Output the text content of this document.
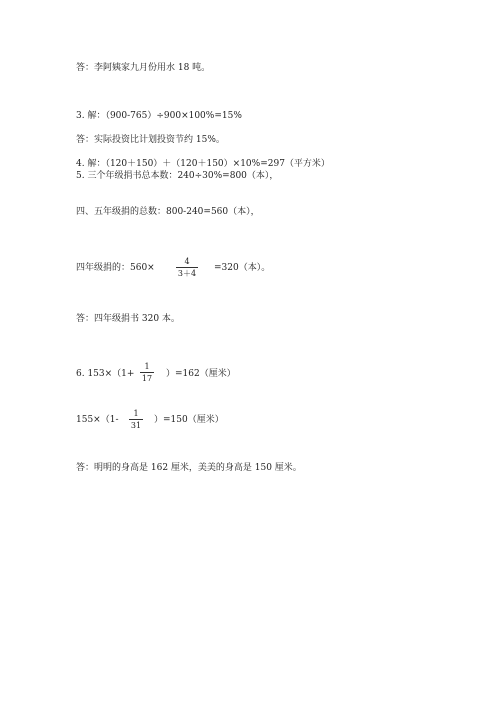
答：李阿姨家九月份用水 18 吨。
3. 解：（900-765）÷900×100%=15%
答：实际投资比计划投资节约 15%。
4. 解：（120＋150）＋（120＋150）×10%=297（平方米）
5. 三个年级捐书总本数：240÷30%=800（本），
四、五年级捐的总数：800-240=560（本），
四年级捐的：560×
4
3＋4
=320（本）。
答：四年级捐书 320 本。
6. 153×（1+
1
17 ）=162（厘米）
155×（1-
1
31
）=150（厘米）
答：明明的身高是 162 厘米，美美的身高是 150 厘米。
